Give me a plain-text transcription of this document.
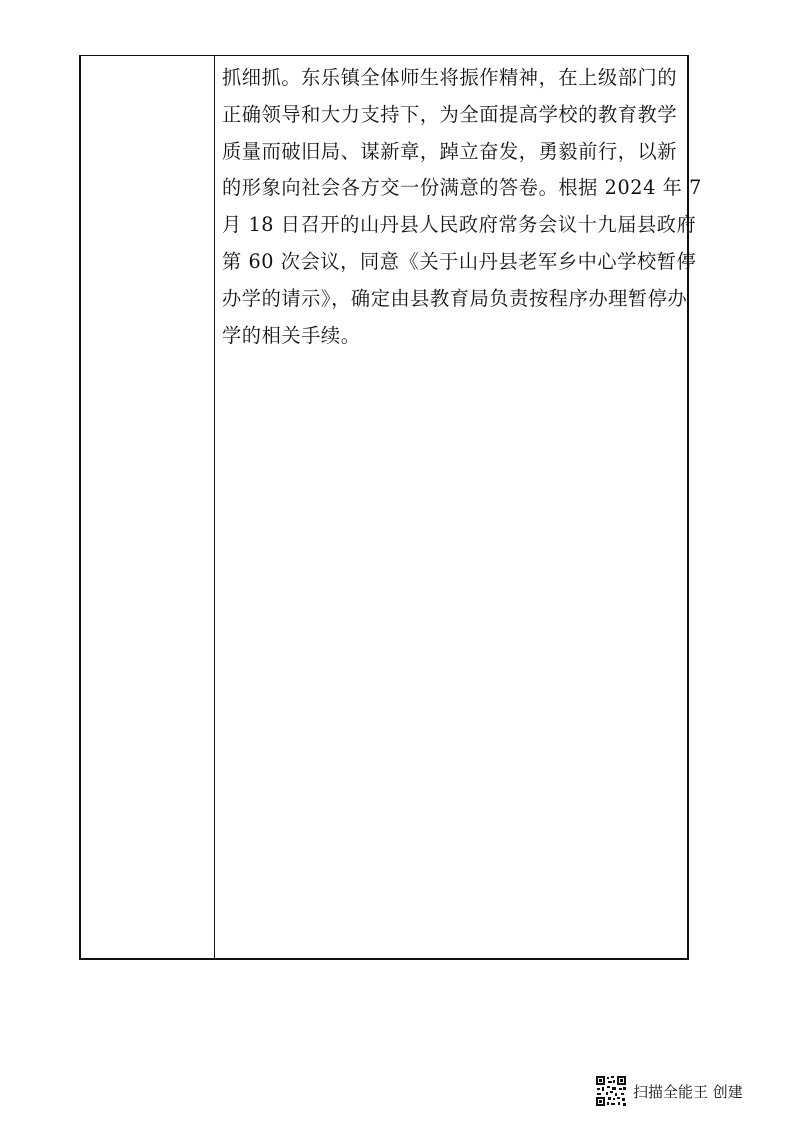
抓细抓。东乐镇全体师生将振作精神，在上级部门的
正确领导和大力支持下，为全面提高学校的教育教学
质量而破旧局、谋新章，踔立奋发，勇毅前行，以新
的形象向社会各方交一份满意的答卷。根据 2024 年 7
月 18 日召开的山丹县人民政府常务会议十九届县政府
第 60 次会议，同意《关于山丹县老军乡中心学校暂停
办学的请示》，确定由县教育局负责按程序办理暂停办
学的相关手续。
扫描全能王 创建
